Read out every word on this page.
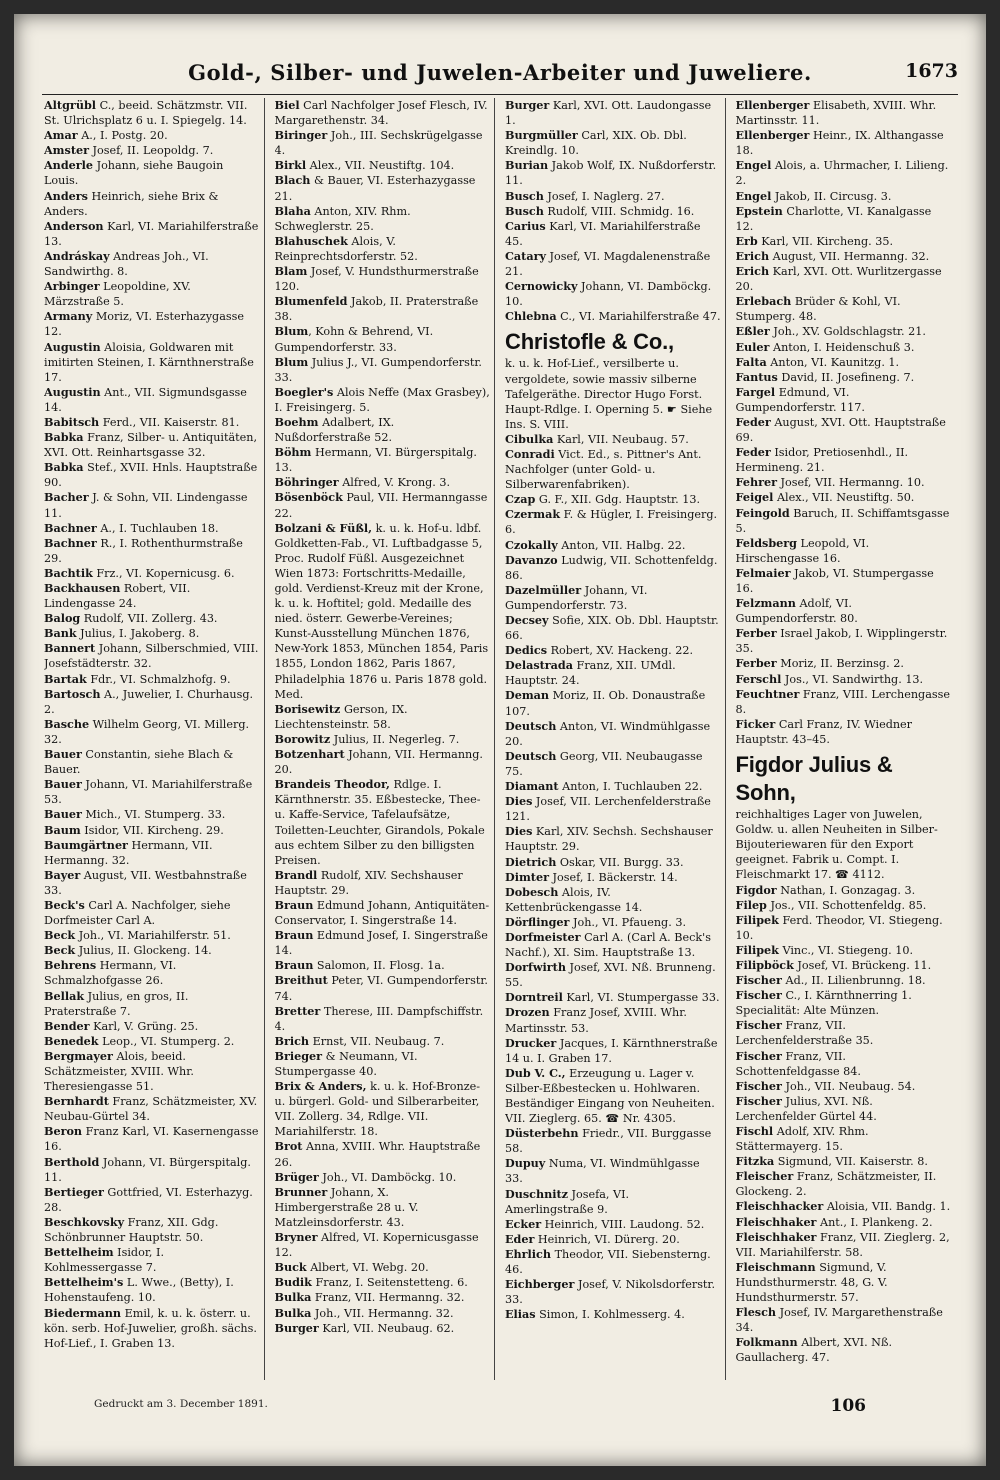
Gold-, Silber- und Juwelen-Arbeiter und Juweliere.	1673

Altgrübl C., beeid. Schätzmstr. VII. St. Ulrichsplatz 6 u. I. Spiegelg. 14.

Amar A., I. Postg. 20.

Amster Josef, II. Leopoldg. 7.

Anderle Johann, siehe Baugoin Louis.

Anders Heinrich, siehe Brix & Anders.

Anderson Karl, VI. Mariahilferstraße 13.

Andráskay Andreas Joh., VI. Sandwirthg. 8.

Arbinger Leopoldine, XV. Märzstraße 5.

Armany Moriz, VI. Esterhazygasse 12.

Augustin Aloisia, Goldwaren mit imitirten Steinen, I. Kärnthnerstraße 17.

Augustin Ant., VII. Sigmundsgasse 14.

Babitsch Ferd., VII. Kaiserstr. 81.

Babka Franz, Silber- u. Antiquitäten, XVI. Ott. Reinhartsgasse 32.

Babka Stef., XVII. Hnls. Hauptstraße 90.

Bacher J. & Sohn, VII. Lindengasse 11.

Bachner A., I. Tuchlauben 18.

Bachner R., I. Rothenthurmstraße 29.

Bachtik Frz., VI. Kopernicusg. 6.

Backhausen Robert, VII. Lindengasse 24.

Balog Rudolf, VII. Zollerg. 43.

Bank Julius, I. Jakoberg. 8.

Bannert Johann, Silberschmied, VIII. Josefstädterstr. 32.

Bartak Fdr., VI. Schmalzhofg. 9.

Bartosch A., Juwelier, I. Churhausg. 2.

Basche Wilhelm Georg, VI. Millerg. 32.

Bauer Constantin, siehe Blach & Bauer.

Bauer Johann, VI. Mariahilferstraße 53.

Bauer Mich., VI. Stumperg. 33.

Baum Isidor, VII. Kircheng. 29.

Baumgärtner Hermann, VII. Hermanng. 32.

Bayer August, VII. Westbahnstraße 33.

Beck's Carl A. Nachfolger, siehe Dorfmeister Carl A.

Beck Joh., VI. Mariahilferstr. 51.

Beck Julius, II. Glockeng. 14.

Behrens Hermann, VI. Schmalzhofgasse 26.

Bellak Julius, en gros, II. Praterstraße 7.

Bender Karl, V. Grüng. 25.

Benedek Leop., VI. Stumperg. 2.

Bergmayer Alois, beeid. Schätzmeister, XVIII. Whr. Theresiengasse 51.

Bernhardt Franz, Schätzmeister, XV. Neubau-Gürtel 34.

Beron Franz Karl, VI. Kasernengasse 16.

Berthold Johann, VI. Bürgerspitalg. 11.

Bertieger Gottfried, VI. Esterhazyg. 28.

Beschkovsky Franz, XII. Gdg. Schönbrunner Hauptstr. 50.

Bettelheim Isidor, I. Kohlmessergasse 7.

Bettelheim's L. Wwe., (Betty), I. Hohenstaufeng. 10.

Biedermann Emil, k. u. k. österr. u. kön. serb. Hof-Juwelier, großh. sächs. Hof-Lief., I. Graben 13.

Biel Carl Nachfolger Josef Flesch, IV. Margarethenstr. 34.

Biringer Joh., III. Sechskrügelgasse 4.

Birkl Alex., VII. Neustiftg. 104.

Blach & Bauer, VI. Esterhazygasse 21.

Blaha Anton, XIV. Rhm. Schweglerstr. 25.

Blahuschek Alois, V. Reinprechtsdorferstr. 52.

Blam Josef, V. Hundsthurmerstraße 120.

Blumenfeld Jakob, II. Praterstraße 38.

Blum, Kohn & Behrend, VI. Gumpendorferstr. 33.

Blum Julius J., VI. Gumpendorferstr. 33.

Boegler's Alois Neffe (Max Grasbey), I. Freisingerg. 5.

Boehm Adalbert, IX. Nußdorferstraße 52.

Böhm Hermann, VI. Bürgerspitalg. 13.

Böhringer Alfred, V. Krong. 3.

Bösenböck Paul, VII. Hermanngasse 22.

Bolzani & Füßl, k. u. k. Hof-u. ldbf. Goldketten-Fab., VI. Luftbadgasse 5, Proc. Rudolf Füßl. Ausgezeichnet Wien 1873: Fortschritts-Medaille, gold. Verdienst-Kreuz mit der Krone, k. u. k. Hoftitel; gold. Medaille des nied. österr. Gewerbe-Vereines; Kunst-Ausstellung München 1876, New-York 1853, München 1854, Paris 1855, London 1862, Paris 1867, Philadelphia 1876 u. Paris 1878 gold. Med.

Borisewitz Gerson, IX. Liechtensteinstr. 58.

Borowitz Julius, II. Negerleg. 7.

Botzenhart Johann, VII. Hermanng. 20.

Brandeis Theodor, Rdlge. I. Kärnthnerstr. 35. Eßbestecke, Thee- u. Kaffe-Service, Tafelaufsätze, Toiletten-Leuchter, Girandols, Pokale aus echtem Silber zu den billigsten Preisen.

Brandl Rudolf, XIV. Sechshauser Hauptstr. 29.

Braun Edmund Johann, Antiquitäten-Conservator, I. Singerstraße 14.

Braun Edmund Josef, I. Singerstraße 14.

Braun Salomon, II. Flosg. 1a.

Breithut Peter, VI. Gumpendorferstr. 74.

Bretter Therese, III. Dampfschiffstr. 4.

Brich Ernst, VII. Neubaug. 7.

Brieger & Neumann, VI. Stumpergasse 40.

Brix & Anders, k. u. k. Hof-Bronze- u. bürgerl. Gold- und Silberarbeiter, VII. Zollerg. 34, Rdlge. VII. Mariahilferstr. 18.

Brot Anna, XVIII. Whr. Hauptstraße 26.

Brüger Joh., VI. Damböckg. 10.

Brunner Johann, X. Himbergerstraße 28 u. V. Matzleinsdorferstr. 43.

Bryner Alfred, VI. Kopernicusgasse 12.

Buck Albert, VI. Webg. 20.

Budik Franz, I. Seitenstetteng. 6.

Bulka Franz, VII. Hermanng. 32.

Bulka Joh., VII. Hermanng. 32.

Burger Karl, VII. Neubaug. 62.

Burger Karl, XVI. Ott. Laudongasse 1.

Burgmüller Carl, XIX. Ob. Dbl. Kreindlg. 10.

Burian Jakob Wolf, IX. Nußdorferstr. 11.

Busch Josef, I. Naglerg. 27.

Busch Rudolf, VIII. Schmidg. 16.

Carius Karl, VI. Mariahilferstraße 45.

Catary Josef, VI. Magdalenenstraße 21.

Cernowicky Johann, VI. Damböckg. 10.

Chlebna C., VI. Mariahilferstraße 47.

Christofle & Co.,

k. u. k. Hof-Lief., versilberte u. vergoldete, sowie massiv silberne Tafelgeräthe. Director Hugo Forst. Haupt-Rdlge. I. Operning 5. ☛ Siehe Ins. S. VIII.

Cibulka Karl, VII. Neubaug. 57.

Conradi Vict. Ed., s. Pittner's Ant. Nachfolger (unter Gold- u. Silberwarenfabriken).

Czap G. F., XII. Gdg. Hauptstr. 13.

Czermak F. & Hügler, I. Freisingerg. 6.

Czokally Anton, VII. Halbg. 22.

Davanzo Ludwig, VII. Schottenfeldg. 86.

Dazelmüller Johann, VI. Gumpendorferstr. 73.

Decsey Sofie, XIX. Ob. Dbl. Hauptstr. 66.

Dedics Robert, XV. Hackeng. 22.

Delastrada Franz, XII. UMdl. Hauptstr. 24.

Deman Moriz, II. Ob. Donaustraße 107.

Deutsch Anton, VI. Windmühlgasse 20.

Deutsch Georg, VII. Neubaugasse 75.

Diamant Anton, I. Tuchlauben 22.

Dies Josef, VII. Lerchenfelderstraße 121.

Dies Karl, XIV. Sechsh. Sechshauser Hauptstr. 29.

Dietrich Oskar, VII. Burgg. 33.

Dimter Josef, I. Bäckerstr. 14.

Dobesch Alois, IV. Kettenbrückengasse 14.

Dörflinger Joh., VI. Pfaueng. 3.

Dorfmeister Carl A. (Carl A. Beck's Nachf.), XI. Sim. Hauptstraße 13.

Dorfwirth Josef, XVI. Nß. Brunneng. 55.

Dorntreil Karl, VI. Stumpergasse 33.

Drozen Franz Josef, XVIII. Whr. Martinsstr. 53.

Drucker Jacques, I. Kärnthnerstraße 14 u. I. Graben 17.

Dub V. C., Erzeugung u. Lager v. Silber-Eßbestecken u. Hohlwaren. Beständiger Eingang von Neuheiten. VII. Zieglerg. 65. ☎ Nr. 4305.

Düsterbehn Friedr., VII. Burggasse 58.

Dupuy Numa, VI. Windmühlgasse 33.

Duschnitz Josefa, VI. Amerlingstraße 9.

Ecker Heinrich, VIII. Laudong. 52.

Eder Heinrich, VI. Dürerg. 20.

Ehrlich Theodor, VII. Siebensterng. 46.

Eichberger Josef, V. Nikolsdorferstr. 33.

Elias Simon, I. Kohlmesserg. 4.

Ellenberger Elisabeth, XVIII. Whr. Martinsstr. 11.

Ellenberger Heinr., IX. Althangasse 18.

Engel Alois, a. Uhrmacher, I. Lilieng. 2.

Engel Jakob, II. Circusg. 3.

Epstein Charlotte, VI. Kanalgasse 12.

Erb Karl, VII. Kircheng. 35.

Erich August, VII. Hermanng. 32.

Erich Karl, XVI. Ott. Wurlitzergasse 20.

Erlebach Brüder & Kohl, VI. Stumperg. 48.

Eßler Joh., XV. Goldschlagstr. 21.

Euler Anton, I. Heidenschuß 3.

Falta Anton, VI. Kaunitzg. 1.

Fantus David, II. Josefineng. 7.

Fargel Edmund, VI. Gumpendorferstr. 117.

Feder August, XVI. Ott. Hauptstraße 69.

Feder Isidor, Pretiosenhdl., II. Hermineng. 21.

Fehrer Josef, VII. Hermanng. 10.

Feigel Alex., VII. Neustiftg. 50.

Feingold Baruch, II. Schiffamtsgasse 5.

Feldsberg Leopold, VI. Hirschengasse 16.

Felmaier Jakob, VI. Stumpergasse 16.

Felzmann Adolf, VI. Gumpendorferstr. 80.

Ferber Israel Jakob, I. Wipplingerstr. 35.

Ferber Moriz, II. Berzinsg. 2.

Ferschl Jos., VI. Sandwirthg. 13.

Feuchtner Franz, VIII. Lerchengasse 8.

Ficker Carl Franz, IV. Wiedner Hauptstr. 43–45.

Figdor Julius & Sohn,

reichhaltiges Lager von Juwelen, Goldw. u. allen Neuheiten in Silber-Bijouteriewaren für den Export geeignet. Fabrik u. Compt. I. Fleischmarkt 17. ☎ 4112.

Figdor Nathan, I. Gonzagag. 3.

Filep Jos., VII. Schottenfeldg. 85.

Filipek Ferd. Theodor, VI. Stiegeng. 10.

Filipek Vinc., VI. Stiegeng. 10.

Filipböck Josef, VI. Brückeng. 11.

Fischer Ad., II. Lilienbrunng. 18.

Fischer C., I. Kärnthnerring 1. Specialität: Alte Münzen.

Fischer Franz, VII. Lerchenfelderstraße 35.

Fischer Franz, VII. Schottenfeldgasse 84.

Fischer Joh., VII. Neubaug. 54.

Fischer Julius, XVI. Nß. Lerchenfelder Gürtel 44.

Fischl Adolf, XIV. Rhm. Stättermayerg. 15.

Fitzka Sigmund, VII. Kaiserstr. 8.

Fleischer Franz, Schätzmeister, II. Glockeng. 2.

Fleischhacker Aloisia, VII. Bandg. 1.

Fleischhaker Ant., I. Plankeng. 2.

Fleischhaker Franz, VII. Zieglerg. 2, VII. Mariahilferstr. 58.

Fleischmann Sigmund, V. Hundsthurmerstr. 48, G. V. Hundsthurmerstr. 57.

Flesch Josef, IV. Margarethenstraße 34.

Folkmann Albert, XVI. Nß. Gaullacherg. 47.

Gedruckt am 3. December 1891.	106
